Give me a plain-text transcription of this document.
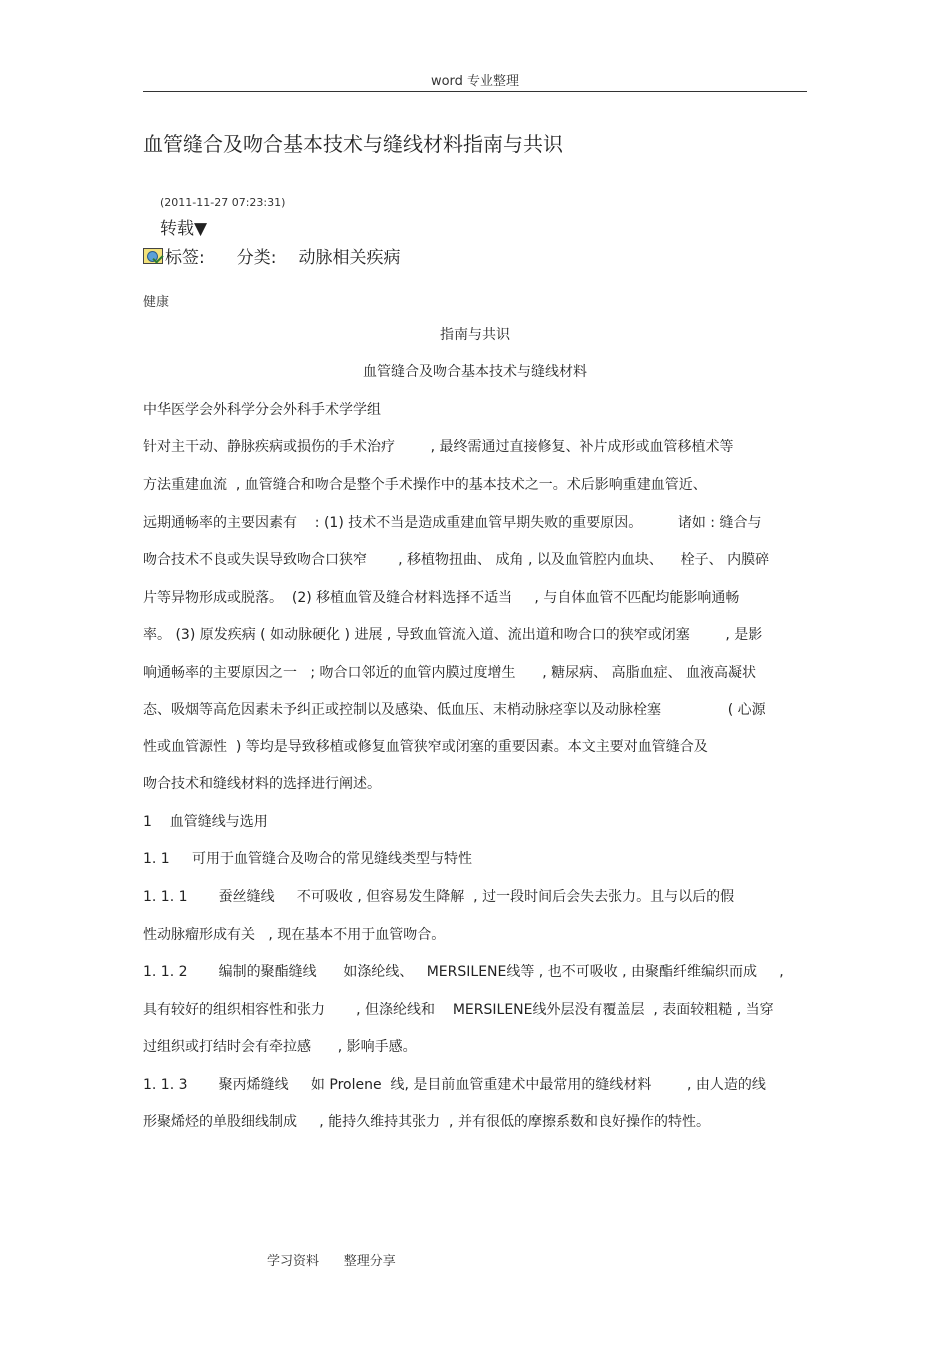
word 专业整理
血管缝合及吻合基本技术与缝线材料指南与共识
(2011-11-27 07:23:31)
转载▼
标签: 分类: 动脉相关疾病
健康
指南与共识
血管缝合及吻合基本技术与缝线材料
中华医学会外科学分会外科手术学学组
针对主干动、静脉疾病或损伤的手术治疗        , 最终需通过直接修复、补片成形或血管移植术等
方法重建血流  , 血管缝合和吻合是整个手术操作中的基本技术之一。术后影响重建血管近、
远期通畅率的主要因素有    : (1) 技术不当是造成重建血管早期失败的重要原因。        诸如 : 缝合与
吻合技术不良或失误导致吻合口狭窄       , 移植物扭曲、 成角 , 以及血管腔内血块、    栓子、 内膜碎
片等异物形成或脱落。  (2) 移植血管及缝合材料选择不适当     , 与自体血管不匹配均能影响通畅
率。 (3) 原发疾病 ( 如动脉硬化 ) 进展 , 导致血管流入道、流出道和吻合口的狭窄或闭塞        , 是影
响通畅率的主要原因之一   ; 吻合口邻近的血管内膜过度增生      , 糖尿病、 高脂血症、 血液高凝状
态、吸烟等高危因素未予纠正或控制以及感染、低血压、末梢动脉痉挛以及动脉栓塞               ( 心源
性或血管源性  ) 等均是导致移植或修复血管狭窄或闭塞的重要因素。本文主要对血管缝合及
吻合技术和缝线材料的选择进行阐述。
1    血管缝线与选用
1. 1     可用于血管缝合及吻合的常见缝线类型与特性
1. 1. 1       蚕丝缝线     不可吸收 , 但容易发生降解  , 过一段时间后会失去张力。且与以后的假
性动脉瘤形成有关   , 现在基本不用于血管吻合。
1. 1. 2       编制的聚酯缝线      如涤纶线、   MERSILENE线等 , 也不可吸收 , 由聚酯纤维编织而成     ,
具有较好的组织相容性和张力       , 但涤纶线和    MERSILENE线外层没有覆盖层  , 表面较粗糙 , 当穿
过组织或打结时会有牵拉感      , 影响手感。
1. 1. 3       聚丙烯缝线     如 Prolene  线, 是目前血管重建术中最常用的缝线材料        , 由人造的线
形聚烯烃的单股细线制成     , 能持久维持其张力  , 并有很低的摩擦系数和良好操作的特性。
学习资料      整理分享
